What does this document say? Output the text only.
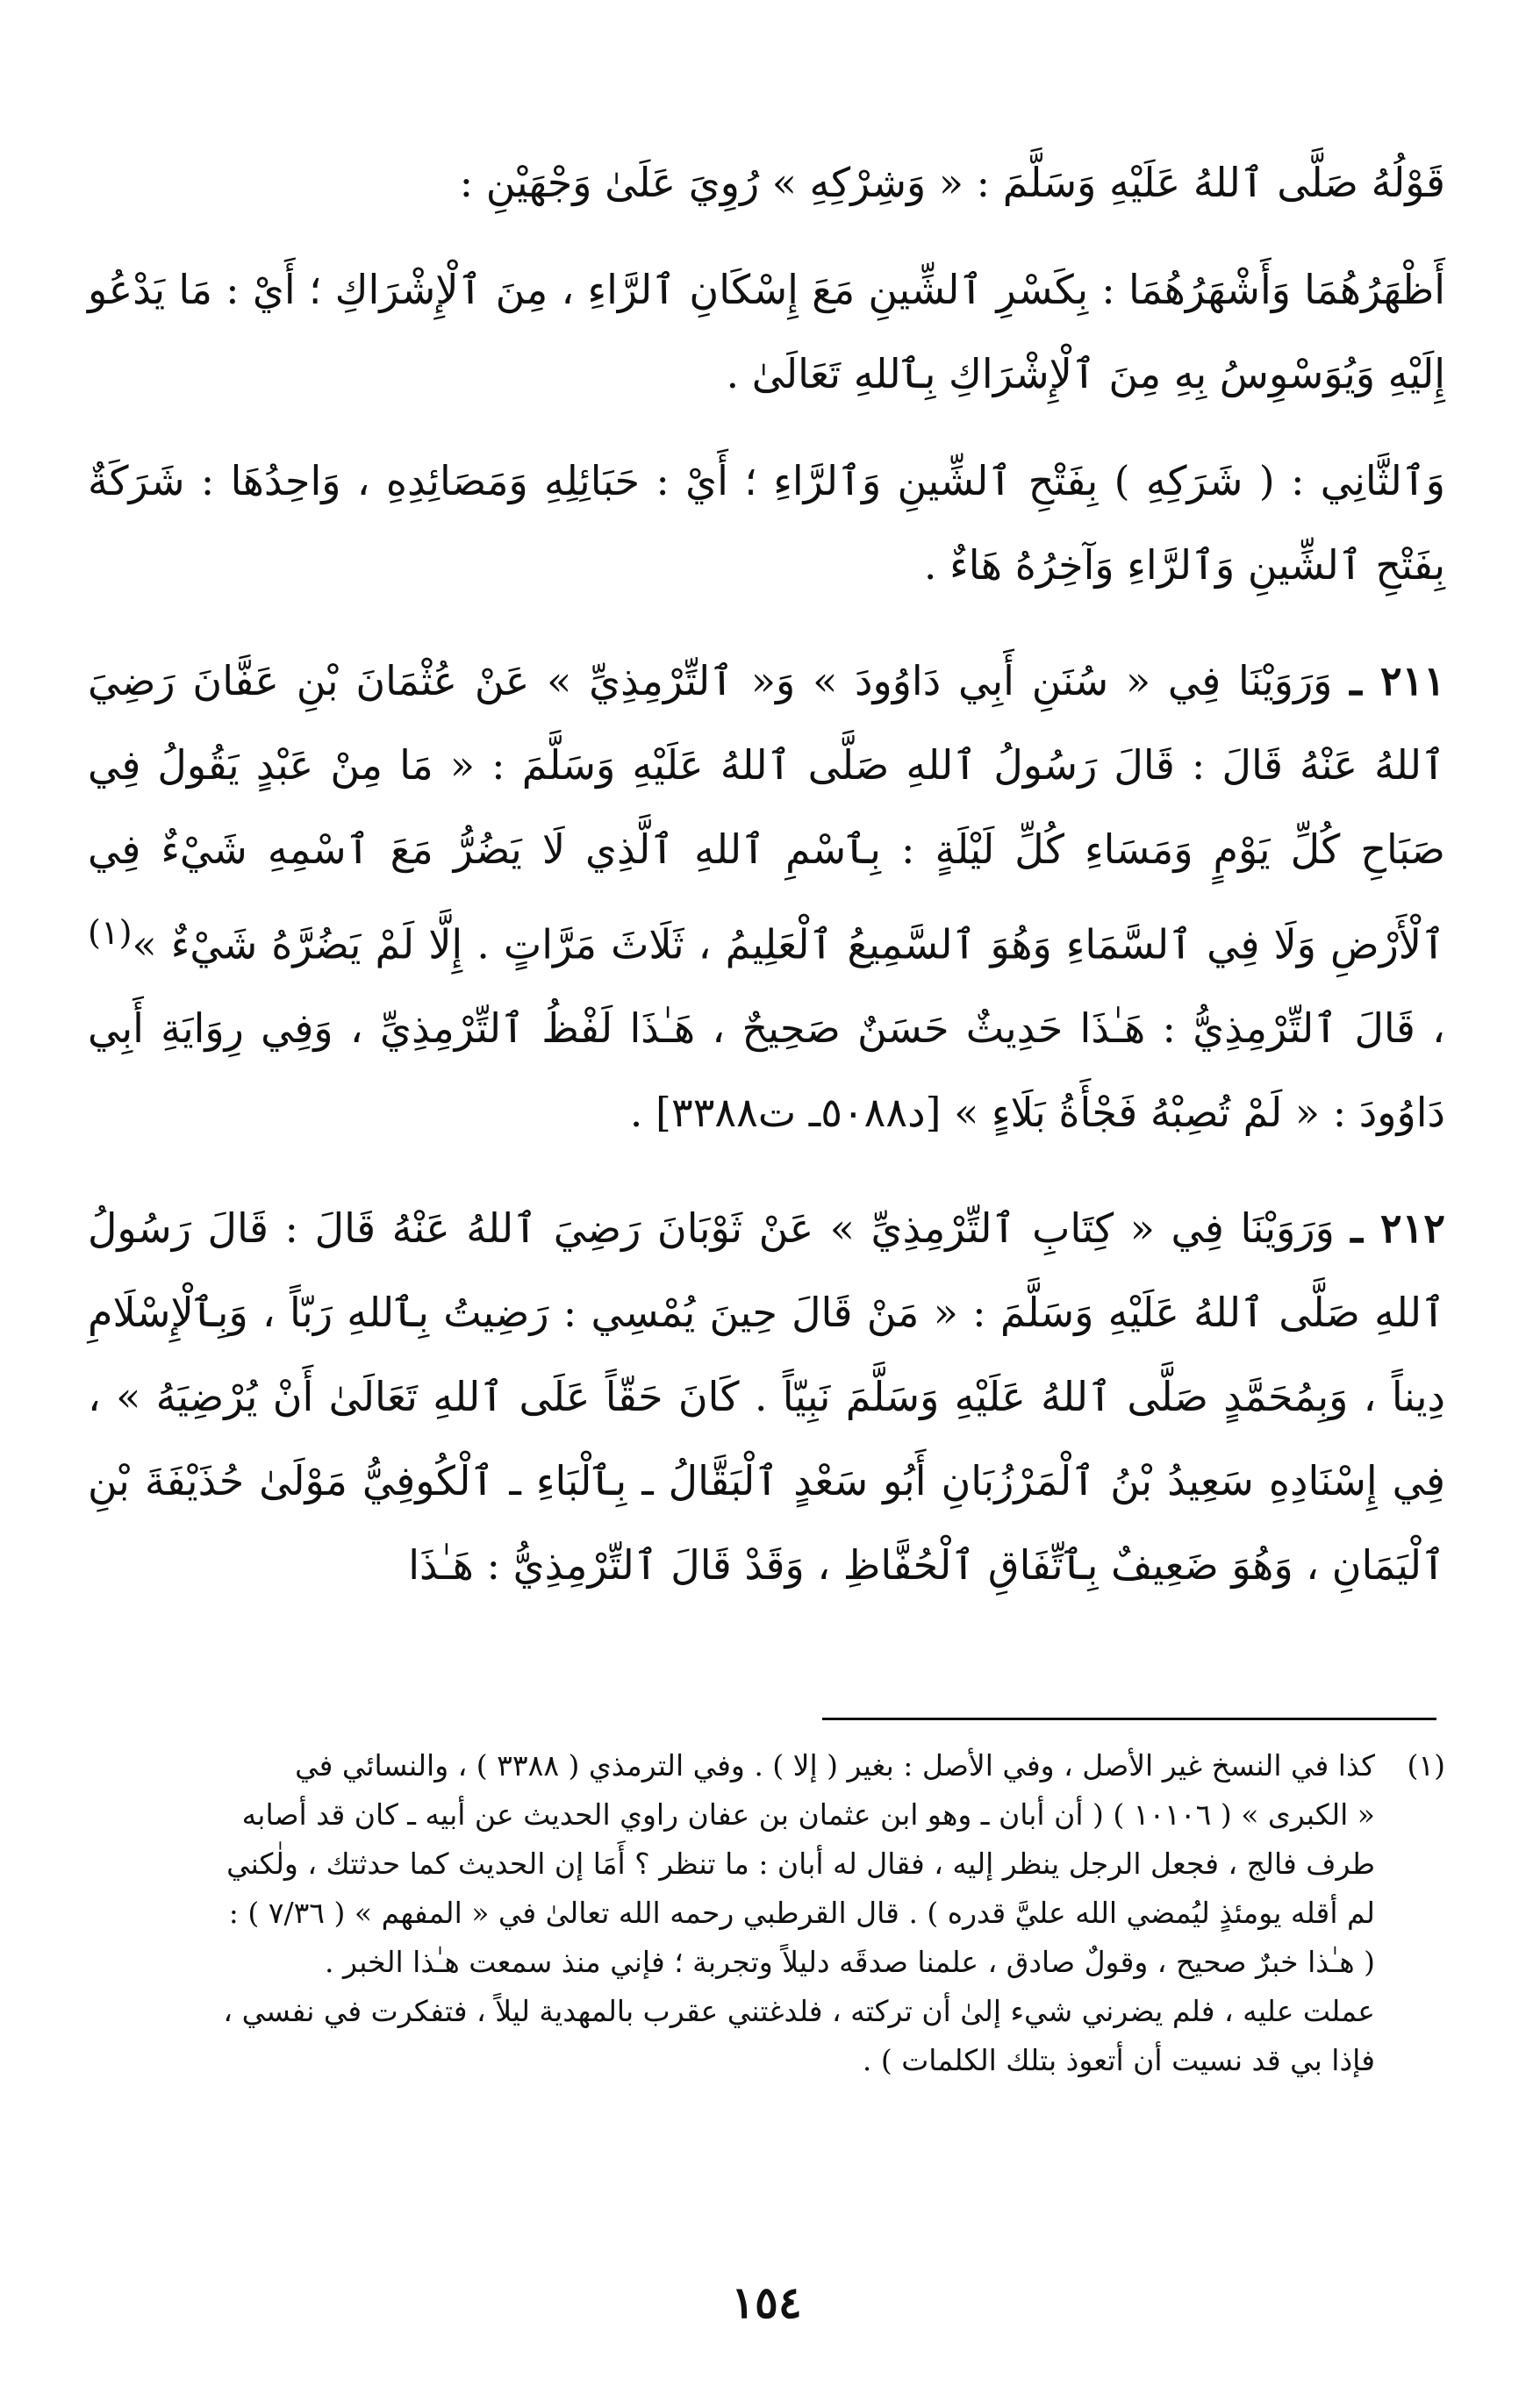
قَوْلُهُ صَلَّى ٱللهُ عَلَيْهِ وَسَلَّمَ : « وَشِرْكِهِ » رُوِيَ عَلَىٰ وَجْهَيْنِ :

أَظْهَرُهُمَا وَأَشْهَرُهُمَا : بِكَسْرِ ٱلشِّينِ مَعَ إِسْكَانِ ٱلرَّاءِ ، مِنَ ٱلْإِشْرَاكِ ؛ أَيْ : مَا يَدْعُو إِلَيْهِ وَيُوَسْوِسُ بِهِ مِنَ ٱلْإِشْرَاكِ بِٱللهِ تَعَالَىٰ .

وَٱلثَّانِي : ( شَرَكِهِ ) بِفَتْحِ ٱلشِّينِ وَٱلرَّاءِ ؛ أَيْ : حَبَائِلِهِ وَمَصَائِدِهِ ، وَاحِدُهَا : شَرَكَةٌ بِفَتْحِ ٱلشِّينِ وَٱلرَّاءِ وَآخِرُهُ هَاءٌ .

٢١١ ـ وَرَوَيْنَا فِي « سُنَنِ أَبِي دَاوُودَ » وَ« ٱلتِّرْمِذِيِّ » عَنْ عُثْمَانَ بْنِ عَفَّانَ رَضِيَ ٱللهُ عَنْهُ قَالَ : قَالَ رَسُولُ ٱللهِ صَلَّى ٱللهُ عَلَيْهِ وَسَلَّمَ : « مَا مِنْ عَبْدٍ يَقُولُ فِي صَبَاحِ كُلِّ يَوْمٍ وَمَسَاءِ كُلِّ لَيْلَةٍ : بِٱسْمِ ٱللهِ ٱلَّذِي لَا يَضُرُّ مَعَ ٱسْمِهِ شَيْءٌ فِي ٱلْأَرْضِ وَلَا فِي ٱلسَّمَاءِ وَهُوَ ٱلسَّمِيعُ ٱلْعَلِيمُ ، ثَلَاثَ مَرَّاتٍ . إِلَّا لَمْ يَضُرَّهُ شَيْءٌ »$^{(١)}$ ، قَالَ ٱلتِّرْمِذِيُّ : هَـٰذَا حَدِيثٌ حَسَنٌ صَحِيحٌ ، هَـٰذَا لَفْظُ ٱلتِّرْمِذِيِّ ، وَفِي رِوَايَةِ أَبِي دَاوُودَ : « لَمْ تُصِبْهُ فَجْأَةُ بَلَاءٍ » [د٥٠٨٨ـ ت٣٣٨٨] .

٢١٢ ـ وَرَوَيْنَا فِي « كِتَابِ ٱلتِّرْمِذِيِّ » عَنْ ثَوْبَانَ رَضِيَ ٱللهُ عَنْهُ قَالَ : قَالَ رَسُولُ ٱللهِ صَلَّى ٱللهُ عَلَيْهِ وَسَلَّمَ : « مَنْ قَالَ حِينَ يُمْسِي : رَضِيتُ بِٱللهِ رَبّاً ، وَبِٱلْإِسْلَامِ دِيناً ، وَبِمُحَمَّدٍ صَلَّى ٱللهُ عَلَيْهِ وَسَلَّمَ نَبِيّاً . كَانَ حَقّاً عَلَى ٱللهِ تَعَالَىٰ أَنْ يُرْضِيَهُ » ، فِي إِسْنَادِهِ سَعِيدُ بْنُ ٱلْمَرْزُبَانِ أَبُو سَعْدٍ ٱلْبَقَّالُ ـ بِٱلْبَاءِ ـ ٱلْكُوفِيُّ مَوْلَىٰ حُذَيْفَةَ بْنِ ٱلْيَمَانِ ، وَهُوَ ضَعِيفٌ بِٱتِّفَاقِ ٱلْحُفَّاظِ ، وَقَدْ قَالَ ٱلتِّرْمِذِيُّ : هَـٰذَا

(١)
كذا في النسخ غير الأصل ، وفي الأصل : بغير ( إلا ) . وفي الترمذي ( ٣٣٨٨ ) ، والنسائي في
« الكبرى » ( ١٠١٠٦ ) ( أن أبان ـ وهو ابن عثمان بن عفان راوي الحديث عن أبيه ـ كان قد أصابه
طرف فالج ، فجعل الرجل ينظر إليه ، فقال له أبان : ما تنظر ؟ أَمَا إن الحديث كما حدثتك ، ولٰكني
لم أقله يومئذٍ ليُمضي الله عليَّ قدره ) . قال القرطبي رحمه الله تعالىٰ في « المفهم » ( ٧/٣٦ ) :
( هـٰذا خبرٌ صحيح ، وقولٌ صادق ، علمنا صدقَه دليلاً وتجربة ؛ فإني منذ سمعت هـٰذا الخبر .
عملت عليه ، فلم يضرني شيء إلىٰ أن تركته ، فلدغتني عقرب بالمهدية ليلاً ، فتفكرت في نفسي ،
فإذا بي قد نسيت أن أتعوذ بتلك الكلمات ) .
١٥٤
